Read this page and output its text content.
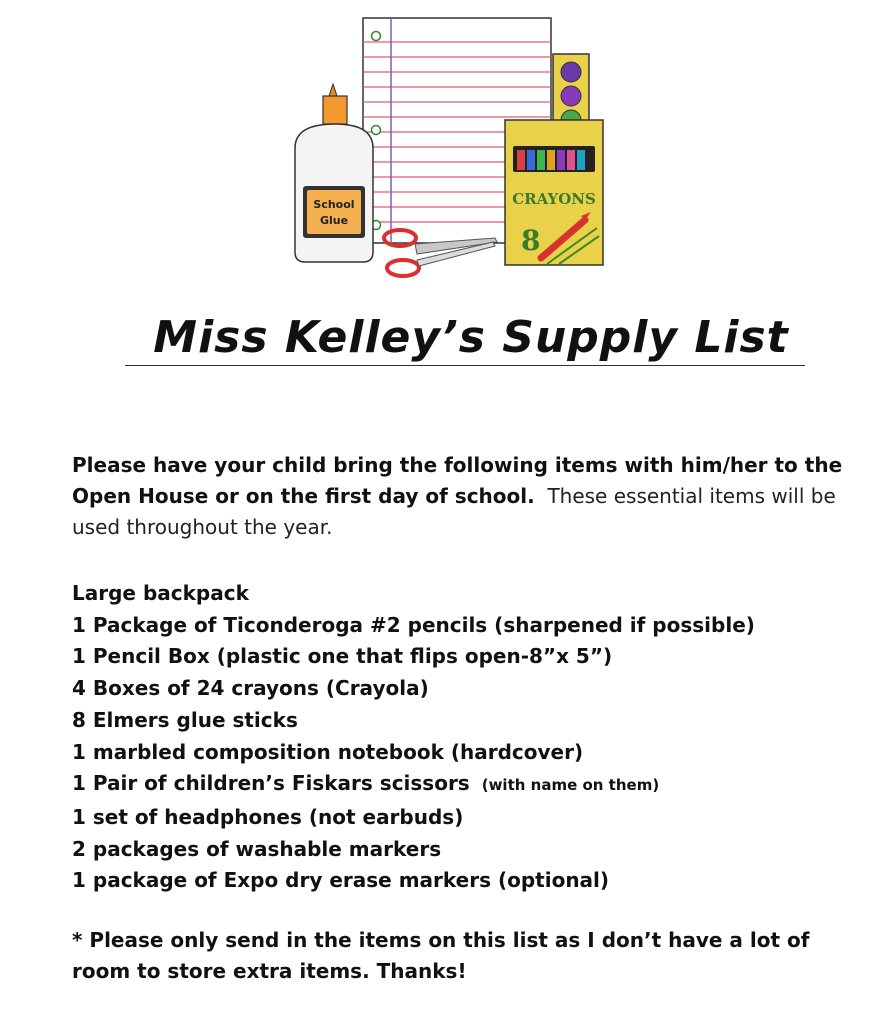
CRAYONS
8
School
Glue
Miss Kelley’s Supply List
Please have your child bring the following items with him/her to the Open House or on the first day of school. These essential items will be used throughout the year.
Large backpack
1 Package of Ticonderoga #2 pencils (sharpened if possible)
1 Pencil Box (plastic one that flips open-8”x 5”)
4 Boxes of 24 crayons (Crayola)
8 Elmers glue sticks
1 marbled composition notebook (hardcover)
1 Pair of children’s Fiskars scissors (with name on them)
1 set of headphones (not earbuds)
2 packages of washable markers
1 package of Expo dry erase markers (optional)
* Please only send in the items on this list as I don’t have a lot of room to store extra items. Thanks!
